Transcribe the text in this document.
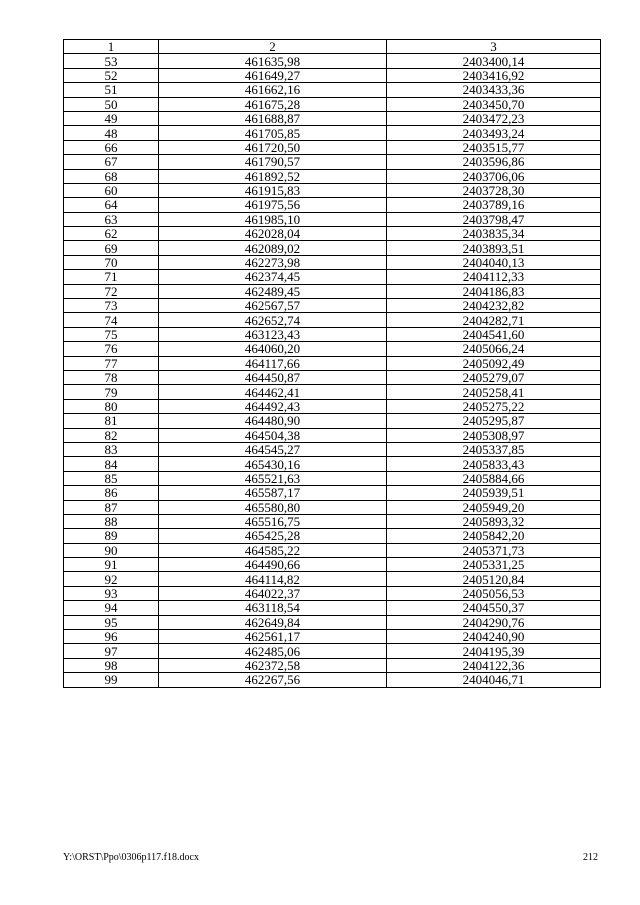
1	2	3
53	461635,98	2403400,14
52	461649,27	2403416,92
51	461662,16	2403433,36
50	461675,28	2403450,70
49	461688,87	2403472,23
48	461705,85	2403493,24
66	461720,50	2403515,77
67	461790,57	2403596,86
68	461892,52	2403706,06
60	461915,83	2403728,30
64	461975,56	2403789,16
63	461985,10	2403798,47
62	462028,04	2403835,34
69	462089,02	2403893,51
70	462273,98	2404040,13
71	462374,45	2404112,33
72	462489,45	2404186,83
73	462567,57	2404232,82
74	462652,74	2404282,71
75	463123,43	2404541,60
76	464060,20	2405066,24
77	464117,66	2405092,49
78	464450,87	2405279,07
79	464462,41	2405258,41
80	464492,43	2405275,22
81	464480,90	2405295,87
82	464504,38	2405308,97
83	464545,27	2405337,85
84	465430,16	2405833,43
85	465521,63	2405884,66
86	465587,17	2405939,51
87	465580,80	2405949,20
88	465516,75	2405893,32
89	465425,28	2405842,20
90	464585,22	2405371,73
91	464490,66	2405331,25
92	464114,82	2405120,84
93	464022,37	2405056,53
94	463118,54	2404550,37
95	462649,84	2404290,76
96	462561,17	2404240,90
97	462485,06	2404195,39
98	462372,58	2404122,36
99	462267,56	2404046,71
Y:\ORST\Ppo\0306p117.f18.docx	212
